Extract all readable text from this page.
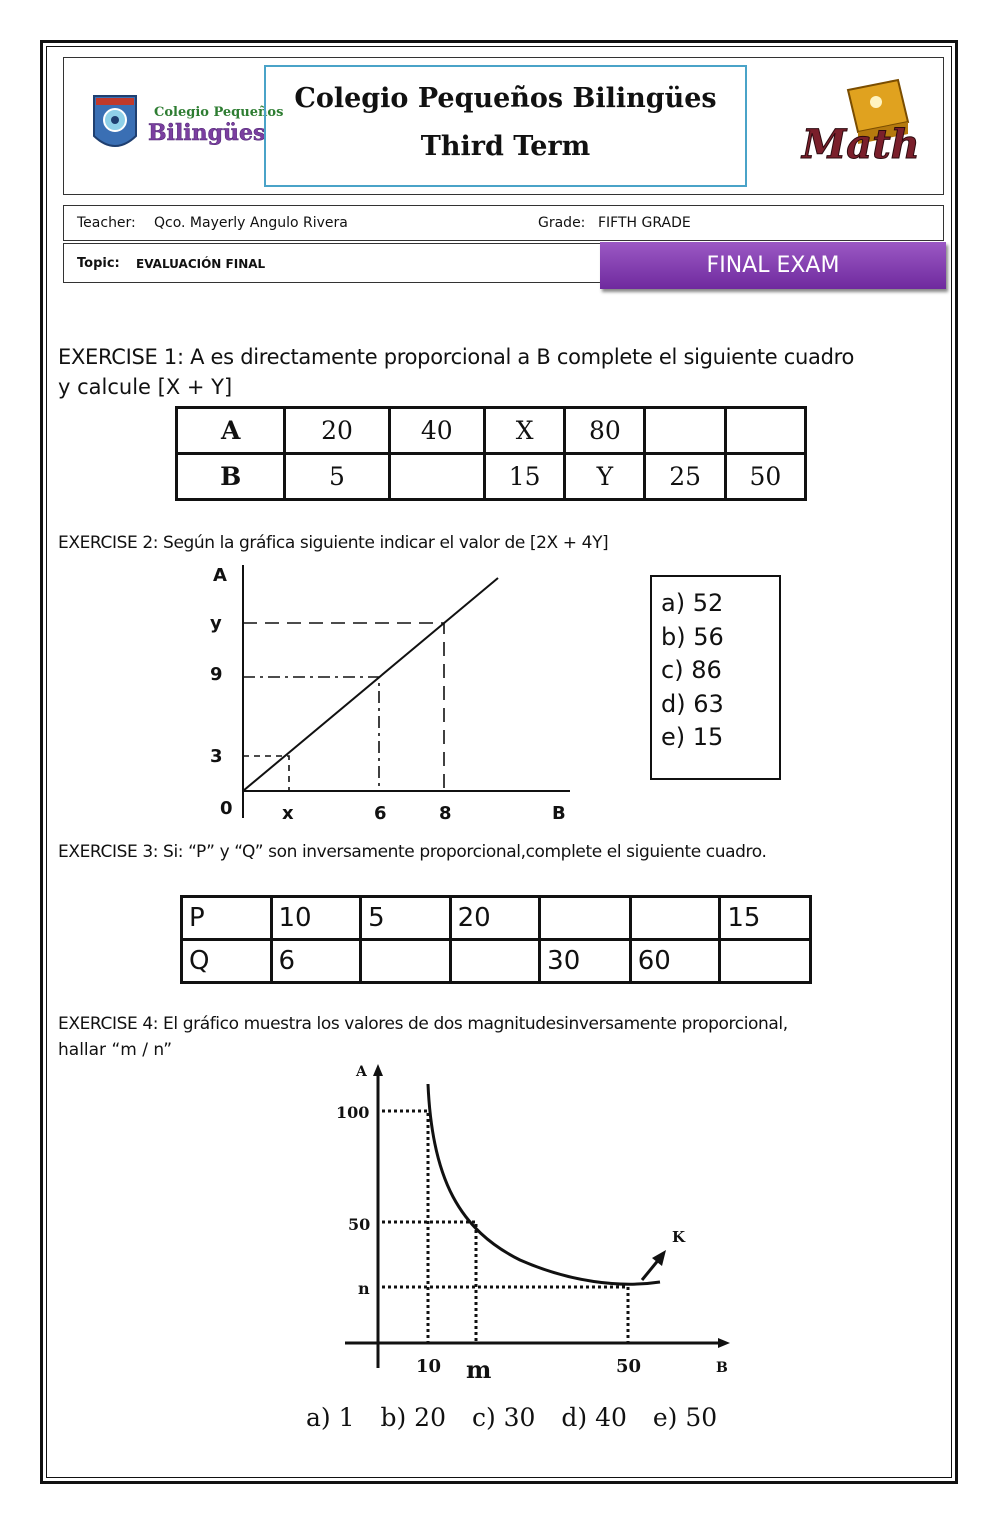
Colegio Pequeños
Bilingües
Colegio Pequeños Bilingües
Third Term	Math
Teacher: Qco. Mayerly Angulo Rivera	Grade: FIFTH GRADE
Topic: EVALUACIÓN FINAL	FINAL EXAM
EXERCISE 1: A es directamente proporcional a B complete el siguiente cuadro
y calcule [X + Y]
A	20	40	X	80		
B	5		15	Y	25	50
EXERCISE 2: Según la gráfica siguiente indicar el valor de [2X + 4Y]
A
y
9
3
0	x	6	8	B
a) 52
b) 56
c) 86
d) 63
e) 15
EXERCISE 3: Si: “P” y “Q” son inversamente proporcional,complete el siguiente cuadro.
P	10	5	20			15
Q	6			30	60	
EXERCISE 4: El gráfico muestra los valores de dos magnitudesinversamente proporcional,
hallar “m / n”
A
100
50
n
10 m	50	B
K
a) 1 b) 20 c) 30 d) 40 e) 50
